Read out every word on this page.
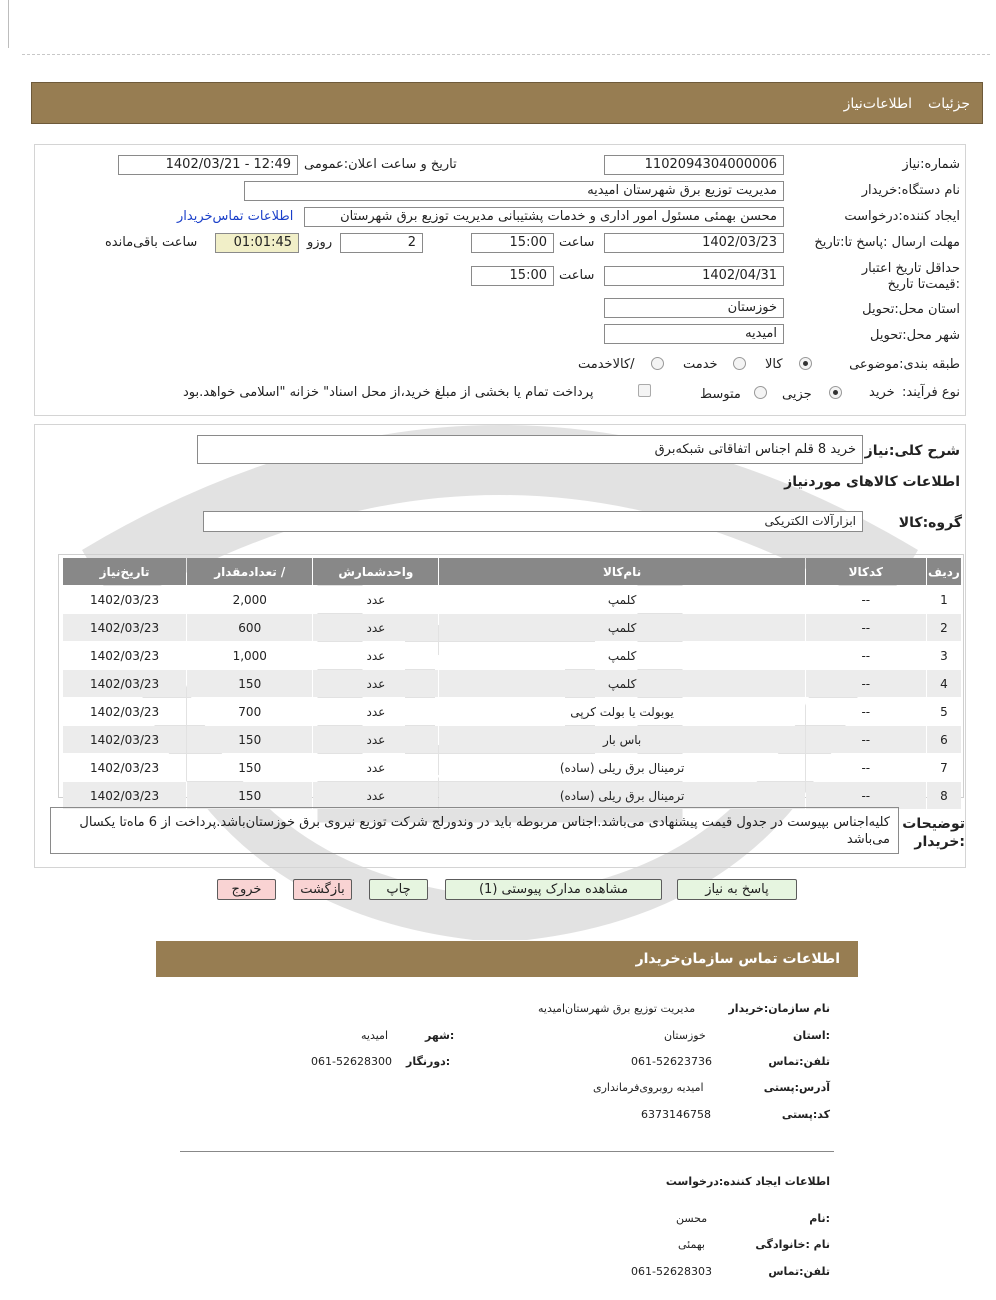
جزئیات
اطلاعات‌نیاز
شماره:نیاز
1102094304000006
تاریخ و ساعت اعلان:عمومی
1402/03/21 - 12:49
نام دستگاه:خریدار
مدیریت توزیع برق شهرستان امیدیه
ایجاد کننده:درخواست
محسن بهمئی مسئول امور اداری و خدمات پشتیبانی مدیریت توزیع برق شهرستان
اطلاعات تماس‌خریدار
مهلت ارسال :پاسخ تا:تاریخ
1402/03/23
ساعت
15:00
2
روزو
01:01:45
ساعت باقی‌مانده
حداقل تاریخ اعتبار :قیمت‌تا تاریخ
1402/04/31
ساعت
15:00
استان محل:تحویل
خوزستان
شهر محل:تحویل
امیدیه
طبقه بندی:موضوعی
کالا
خدمت
/کالاخدمت
نوع فرآیند:
خرید
جزیی
متوسط
پرداخت تمام یا بخشی از مبلغ خرید،از محل اسناد" خزانه "اسلامی خواهد.بود
شرح کلی:نیاز
خرید 8 قلم اجناس اتفاقاتی شبکه‌برق
اطلاعات کالاهای موردنیاز
گروه:کالا
ابزارآلات الکتریکی
ردیف	کدکالا	نام‌کالا	واحدشمارش	/ تعدادمقدار	تاریخ‌نیاز
1	--	کلمپ	عدد	2,000	1402/03/23
2	--	کلمپ	عدد	600	1402/03/23
3	--	کلمپ	عدد	1,000	1402/03/23
4	--	کلمپ	عدد	150	1402/03/23
5	--	یوبولت یا بولت کرپی	عدد	700	1402/03/23
6	--	باس بار	عدد	150	1402/03/23
7	--	ترمینال برق ریلی (ساده)	عدد	150	1402/03/23
8	--	ترمینال برق ریلی (ساده)	عدد	150	1402/03/23
توضیحات :خریدار
کلیه‌اجناس بپیوست در جدول قیمت پیشنهادی می‌باشد.اجناس مربوطه باید در وندورلج شرکت توزیع نیروی برق خوزستان‌باشد.پرداخت از 6 ماه‌تا یکسال می‌باشد
پاسخ به نیاز
مشاهده مدارک پیوستی (1)
چاپ
بازگشت
خروج
اطلاعات تماس سازمان‌خریدار
نام سازمان:خریدار
مدیریت توزیع برق شهرستان‌امیدیه
:استان
خوزستان
:شهر
امیدیه
تلفن:تماس
061-52623736
:دورنگار
061-52628300
آدرس:پستی
امیدیه روبروی‌فرمانداری
کد:پستی
6373146758
اطلاعات ایجاد کننده:درخواست
:نام
محسن
نام :خانوادگی
بهمئی
تلفن:تماس
061-52628303
